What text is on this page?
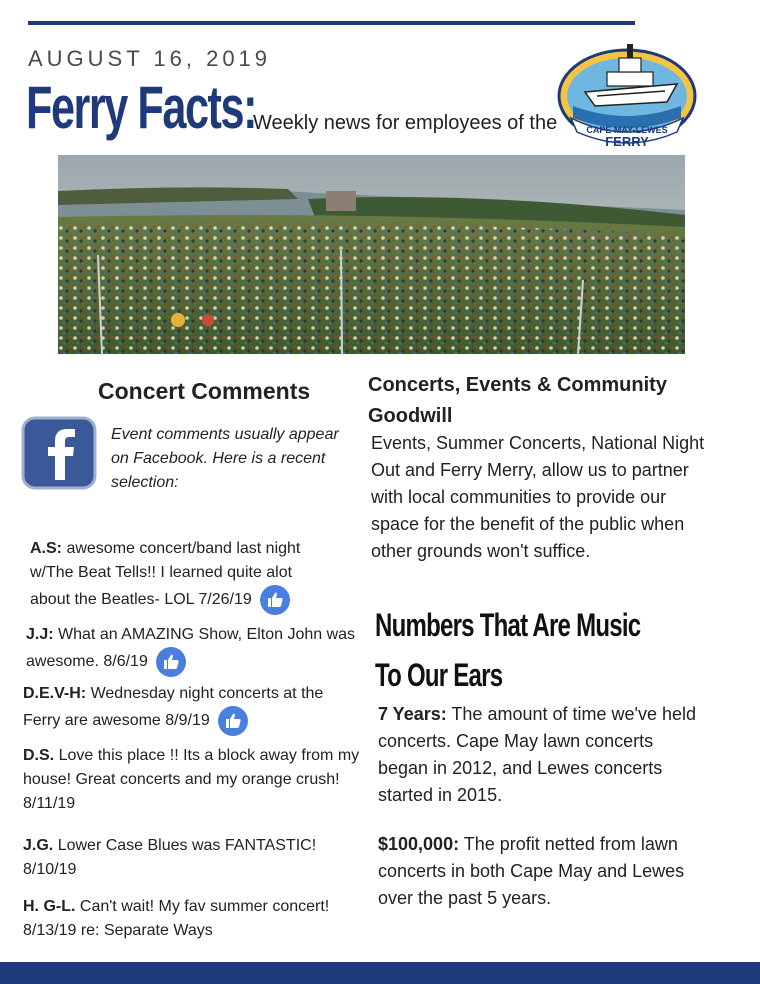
AUGUST 16, 2019
Ferry Facts:
Weekly news for employees of the	CAPE MAY-LEWES
FERRY
Concert Comments
Event comments usually appear on Facebook. Here is a recent selection:
A.S: awesome concert/band last night w/The Beat Tells!! I learned quite alot about the Beatles- LOL 7/26/19
J.J: What an AMAZING Show, Elton John was awesome. 8/6/19
D.E.V-H: Wednesday night concerts at the Ferry are awesome 8/9/19
D.S. Love this place !! Its a block away from my house! Great concerts and my orange crush! 8/11/19
J.G. Lower Case Blues was FANTASTIC! 8/10/19
H. G-L. Can't wait! My fav summer concert! 8/13/19 re: Separate Ways
Concerts, Events & Community Goodwill
Events, Summer Concerts, National Night Out and Ferry Merry, allow us to partner with local communities to provide our space for the benefit of the public when other grounds won't suffice.
Numbers That Are Music
To Our Ears
7 Years: The amount of time we've held concerts. Cape May lawn concerts began in 2012, and Lewes concerts started in 2015.
$100,000: The profit netted from lawn concerts in both Cape May and Lewes over the past 5 years.
